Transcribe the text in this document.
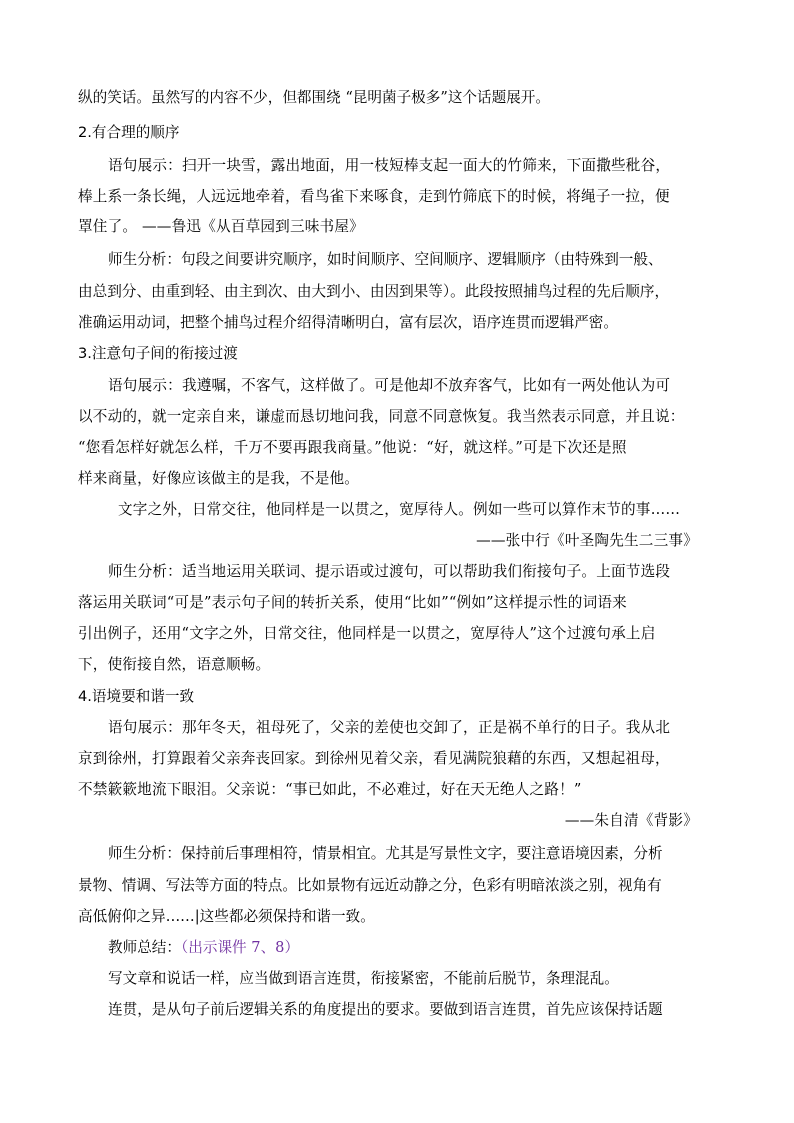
纵的笑话。虽然写的内容不少，但都围绕 “昆明菌子极多”这个话题展开。
2.有合理的顺序
语句展示：扫开一块雪，露出地面，用一枝短棒支起一面大的竹筛来，下面撒些秕谷，
棒上系一条长绳，人远远地牵着，看鸟雀下来啄食，走到竹筛底下的时候，将绳子一拉，便
罩住了。 ——鲁迅《从百草园到三味书屋》
师生分析：句段之间要讲究顺序，如时间顺序、空间顺序、逻辑顺序（由特殊到一般、
由总到分、由重到轻、由主到次、由大到小、由因到果等）。此段按照捕鸟过程的先后顺序，
准确运用动词，把整个捕鸟过程介绍得清晰明白，富有层次，语序连贯而逻辑严密。
3.注意句子间的衔接过渡
语句展示：我遵嘱，不客气，这样做了。可是他却不放弃客气，比如有一两处他认为可
以不动的，就一定亲自来，谦虚而恳切地问我，同意不同意恢复。我当然表示同意，并且说：
“您看怎样好就怎么样，千万不要再跟我商量。”他说：“好，就这样。”可是下次还是照
样来商量，好像应该做主的是我，不是他。
文字之外，日常交往，他同样是一以贯之，宽厚待人。例如一些可以算作末节的事……
——张中行《叶圣陶先生二三事》
师生分析：适当地运用关联词、提示语或过渡句，可以帮助我们衔接句子。上面节选段
落运用关联词“可是”表示句子间的转折关系，使用“比如”“例如”这样提示性的词语来
引出例子，还用“文字之外，日常交往，他同样是一以贯之，宽厚待人”这个过渡句承上启
下，使衔接自然，语意顺畅。
4.语境要和谐一致
语句展示：那年冬天，祖母死了，父亲的差使也交卸了，正是祸不单行的日子。我从北
京到徐州，打算跟着父亲奔丧回家。到徐州见着父亲，看见满院狼藉的东西，又想起祖母，
不禁簌簌地流下眼泪。父亲说：“事已如此，不必难过，好在天无绝人之路！”
——朱自清《背影》
师生分析：保持前后事理相符，情景相宜。尤其是写景性文字，要注意语境因素，分析
景物、情调、写法等方面的特点。比如景物有远近动静之分，色彩有明暗浓淡之别，视角有
高低俯仰之异……|这些都必须保持和谐一致。
教师总结：（出示课件 7、8）
写文章和说话一样，应当做到语言连贯，衔接紧密，不能前后脱节，条理混乱。
连贯，是从句子前后逻辑关系的角度提出的要求。要做到语言连贯，首先应该保持话题
